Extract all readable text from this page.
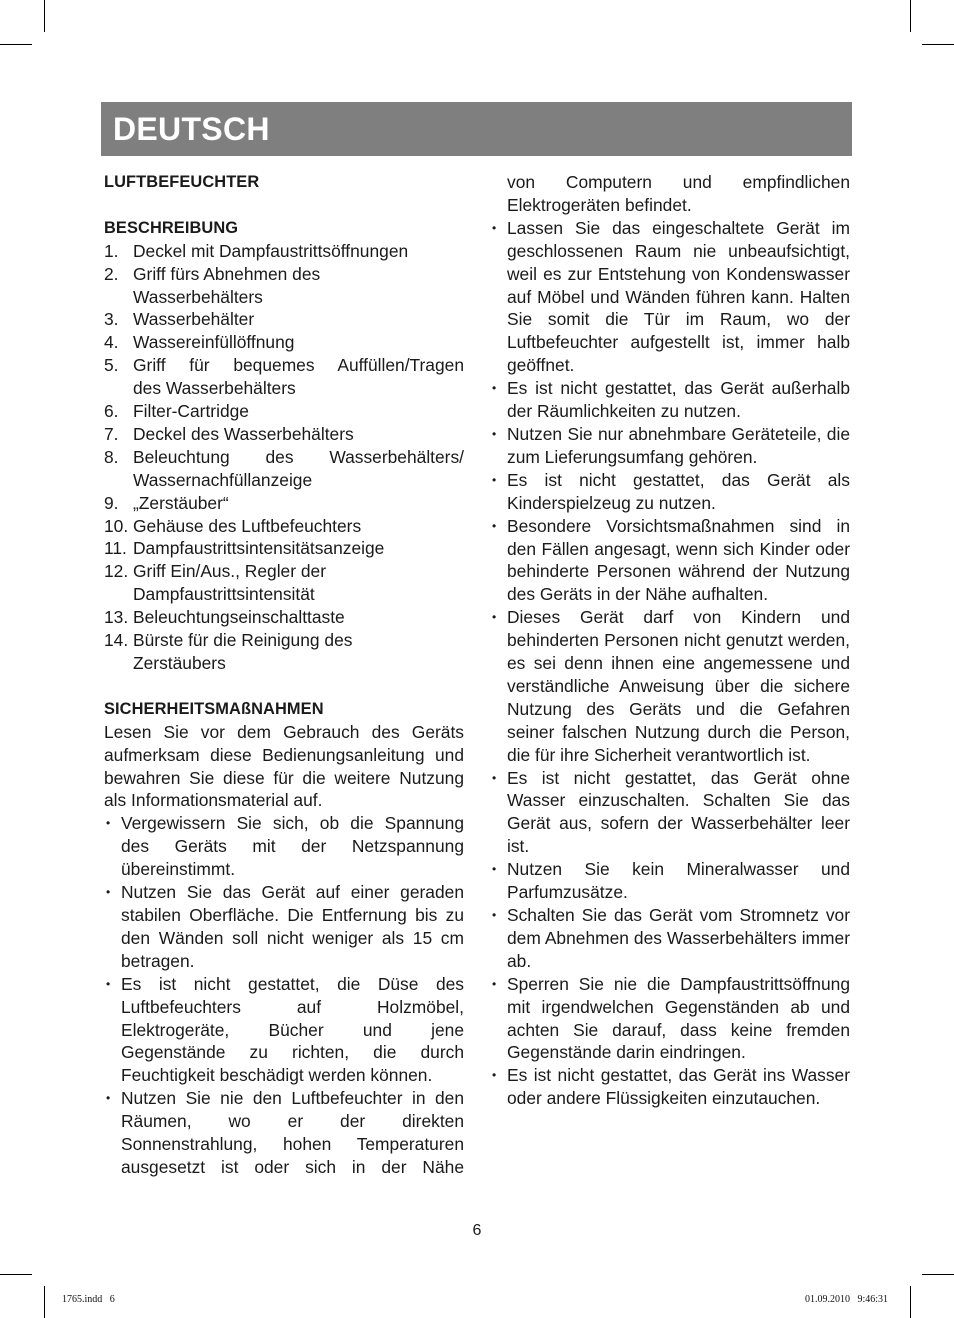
DEUTSCH
LUFTBEFEUCHTER
BESCHREIBUNG
1. Deckel mit Dampfaustrittsöffnungen
2. Griff fürs Abnehmen des
Wasserbehälters
3. Wasserbehälter
4. Wassereinfüllöffnung
5. Griff für bequemes Auffüllen/Tragen
des Wasserbehälters
6. Filter-Cartridge
7. Deckel des Wasserbehälters
8. Beleuchtung des Wasserbehälters/
Wassernachfüllanzeige
9. „Zerstäuber“
10. Gehäuse des Luftbefeuchters
11. Dampfaustrittsintensitätsanzeige
12. Griff Ein/Aus., Regler der
Dampfaustrittsintensität
13. Beleuchtungseinschalttaste
14. Bürste für die Reinigung des
Zerstäubers
SICHERHEITSMAßNAHMEN
Lesen Sie vor dem Gebrauch des Geräts aufmerksam diese Bedienungsanleitung und bewahren Sie diese für die weitere Nutzung als Informationsmaterial auf.
• Vergewissern Sie sich, ob die Spannung des Geräts mit der Netzspannung übereinstimmt.
• Nutzen Sie das Gerät auf einer geraden stabilen Oberfläche. Die Entfernung bis zu den Wänden soll nicht weniger als 15 cm betragen.
• Es ist nicht gestattet, die Düse des Luftbefeuchters auf Holzmöbel, Elektrogeräte, Bücher und jene Gegenstände zu richten, die durch Feuchtigkeit beschädigt werden können.
• Nutzen Sie nie den Luftbefeuchter in den Räumen, wo er der direkten Sonnenstrahlung, hohen Temperaturen ausgesetzt ist oder sich in der Nähe
von Computern und empfindlichen Elektrogeräten befindet.
• Lassen Sie das eingeschaltete Gerät im geschlossenen Raum nie unbeaufsichtigt, weil es zur Entstehung von Kondenswasser auf Möbel und Wänden führen kann. Halten Sie somit die Tür im Raum, wo der Luftbefeuchter aufgestellt ist, immer halb geöffnet.
• Es ist nicht gestattet, das Gerät außerhalb der Räumlichkeiten zu nutzen.
• Nutzen Sie nur abnehmbare Geräteteile, die zum Lieferungsumfang gehören.
• Es ist nicht gestattet, das Gerät als Kinderspielzeug zu nutzen.
• Besondere Vorsichtsmaßnahmen sind in den Fällen angesagt, wenn sich Kinder oder behinderte Personen während der Nutzung des Geräts in der Nähe aufhalten.
• Dieses Gerät darf von Kindern und behinderten Personen nicht genutzt werden, es sei denn ihnen eine angemessene und verständliche Anweisung über die sichere Nutzung des Geräts und die Gefahren seiner falschen Nutzung durch die Person, die für ihre Sicherheit verantwortlich ist.
• Es ist nicht gestattet, das Gerät ohne Wasser einzuschalten. Schalten Sie das Gerät aus, sofern der Wasserbehälter leer ist.
• Nutzen Sie kein Mineralwasser und Parfumzusätze.
• Schalten Sie das Gerät vom Stromnetz vor dem Abnehmen des Wasserbehälters immer ab.
• Sperren Sie nie die Dampfaustrittsöffnung mit irgendwelchen Gegenständen ab und achten Sie darauf, dass keine fremden Gegenstände darin eindringen.
• Es ist nicht gestattet, das Gerät ins Wasser oder andere Flüssigkeiten einzutauchen.
6
1765.indd   6	01.09.2010   9:46:31
